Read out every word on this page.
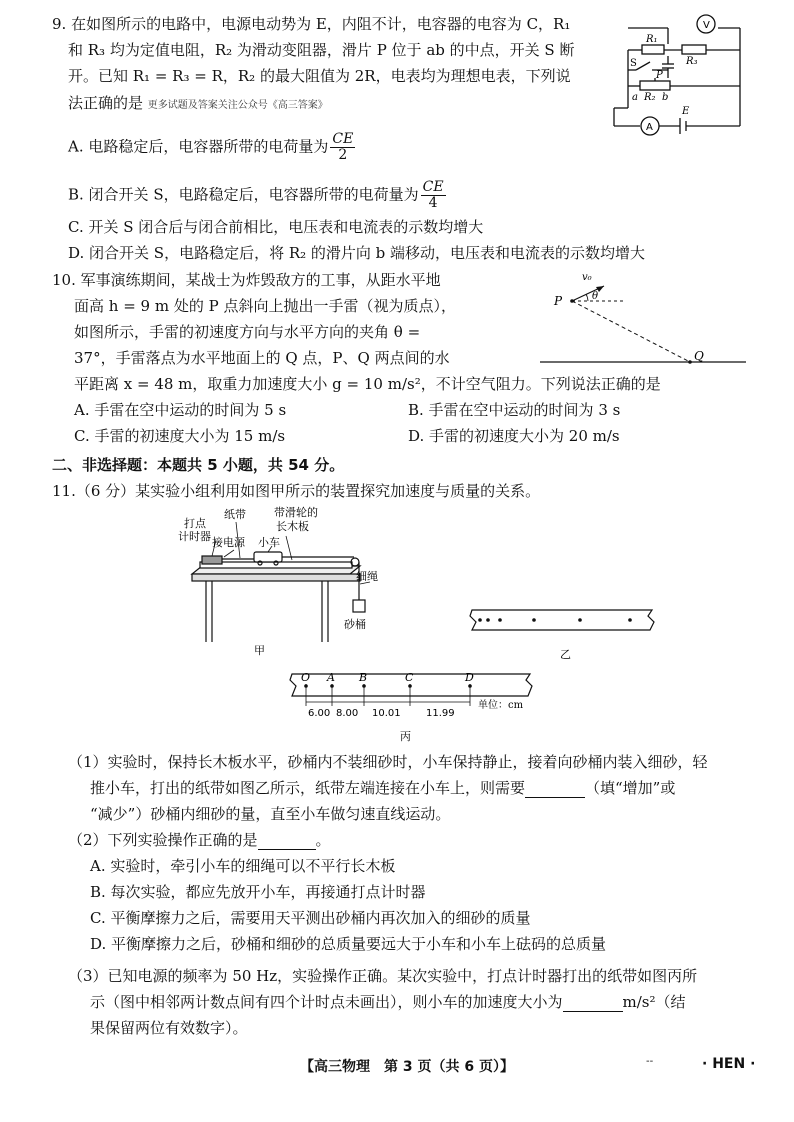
9. 在如图所示的电路中，电源电动势为 E，内阻不计，电容器的电容为 C，R₁
和 R₃ 均为定值电阻，R₂ 为滑动变阻器，滑片 P 位于 ab 的中点，开关 S 断
开。已知 R₁ = R₃ = R，R₂ 的最大阻值为 2R，电表均为理想电表，下列说
法正确的是 更多试题及答案关注公众号《高三答案》
V
R₁
R₃
S
P
a R₂ b
A
E
A. 电路稳定后，电容器所带的电荷量为 $\frac{CE}{2}$
B. 闭合开关 S，电路稳定后，电容器所带的电荷量为 $\frac{CE}{4}$
C. 开关 S 闭合后与闭合前相比，电压表和电流表的示数均增大
D. 闭合开关 S，电路稳定后，将 R₂ 的滑片向 b 端移动，电压表和电流表的示数均增大
10. 军事演练期间，某战士为炸毁敌方的工事，从距水平地
面高 h = 9 m 处的 P 点斜向上抛出一手雷（视为质点），
如图所示，手雷的初速度方向与水平方向的夹角 θ =
37°，手雷落点为水平地面上的 Q 点，P、Q 两点间的水
平距离 x = 48 m，取重力加速度大小 g = 10 m/s²，不计空气阻力。下列说法正确的是
v₀
θ
P
Q
A. 手雷在空中运动的时间为 5 s	B. 手雷在空中运动的时间为 3 s
C. 手雷的初速度大小为 15 m/s	D. 手雷的初速度大小为 20 m/s
二、非选择题：本题共 5 小题，共 54 分。
11.（6 分）某实验小组利用如图甲所示的装置探究加速度与质量的关系。
打点
计时器 接电源
纸带	带滑轮的
长木板
小车
细绳
砂桶
甲	乙
O A B	C	D
6.00 8.00 10.01	11.99
单位：cm
丙
（1）实验时，保持长木板水平，砂桶内不装细砂时，小车保持静止，接着向砂桶内装入细砂，轻
推小车，打出的纸带如图乙所示，纸带左端连接在小车上，则需要	（填“增加”或
“减少”）砂桶内细砂的量，直至小车做匀速直线运动。
（2）下列实验操作正确的是	。
A. 实验时，牵引小车的细绳可以不平行长木板
B. 每次实验，都应先放开小车，再接通打点计时器
C. 平衡摩擦力之后，需要用天平测出砂桶内再次加入的细砂的质量
D. 平衡摩擦力之后，砂桶和细砂的总质量要远大于小车和小车上砝码的总质量
（3）已知电源的频率为 50 Hz，实验操作正确。某次实验中，打点计时器打出的纸带如图丙所
示（图中相邻两计数点间有四个计时点未画出），则小车的加速度大小为	m/s²（结
果保留两位有效数字）。
【高三物理　第 3 页（共 6 页）】	--	· HEN ·
